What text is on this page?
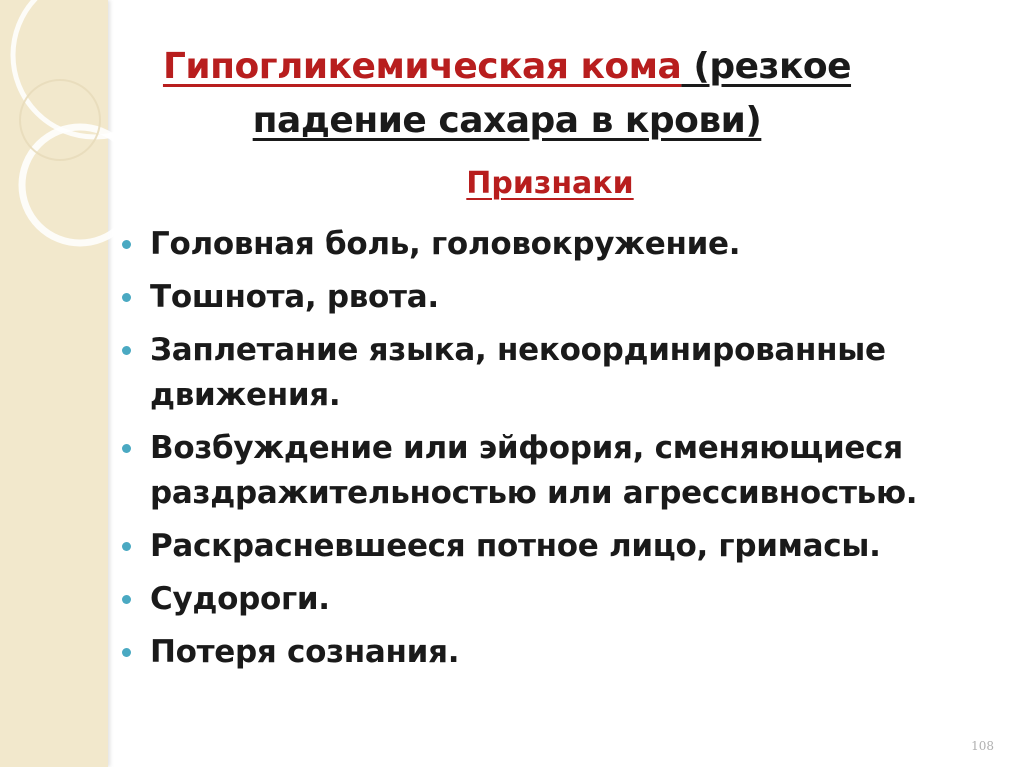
Гипогликемическая кома (резкое
падение сахара в крови)
Признаки
Головная боль, головокружение.
Тошнота, рвота.
Заплетание языка, некоординированные движения.
Возбуждение или эйфория, сменяющиеся раздражительностью или агрессивностью.
Раскрасневшееся потное лицо, гримасы.
Судороги.
Потеря сознания.
108
